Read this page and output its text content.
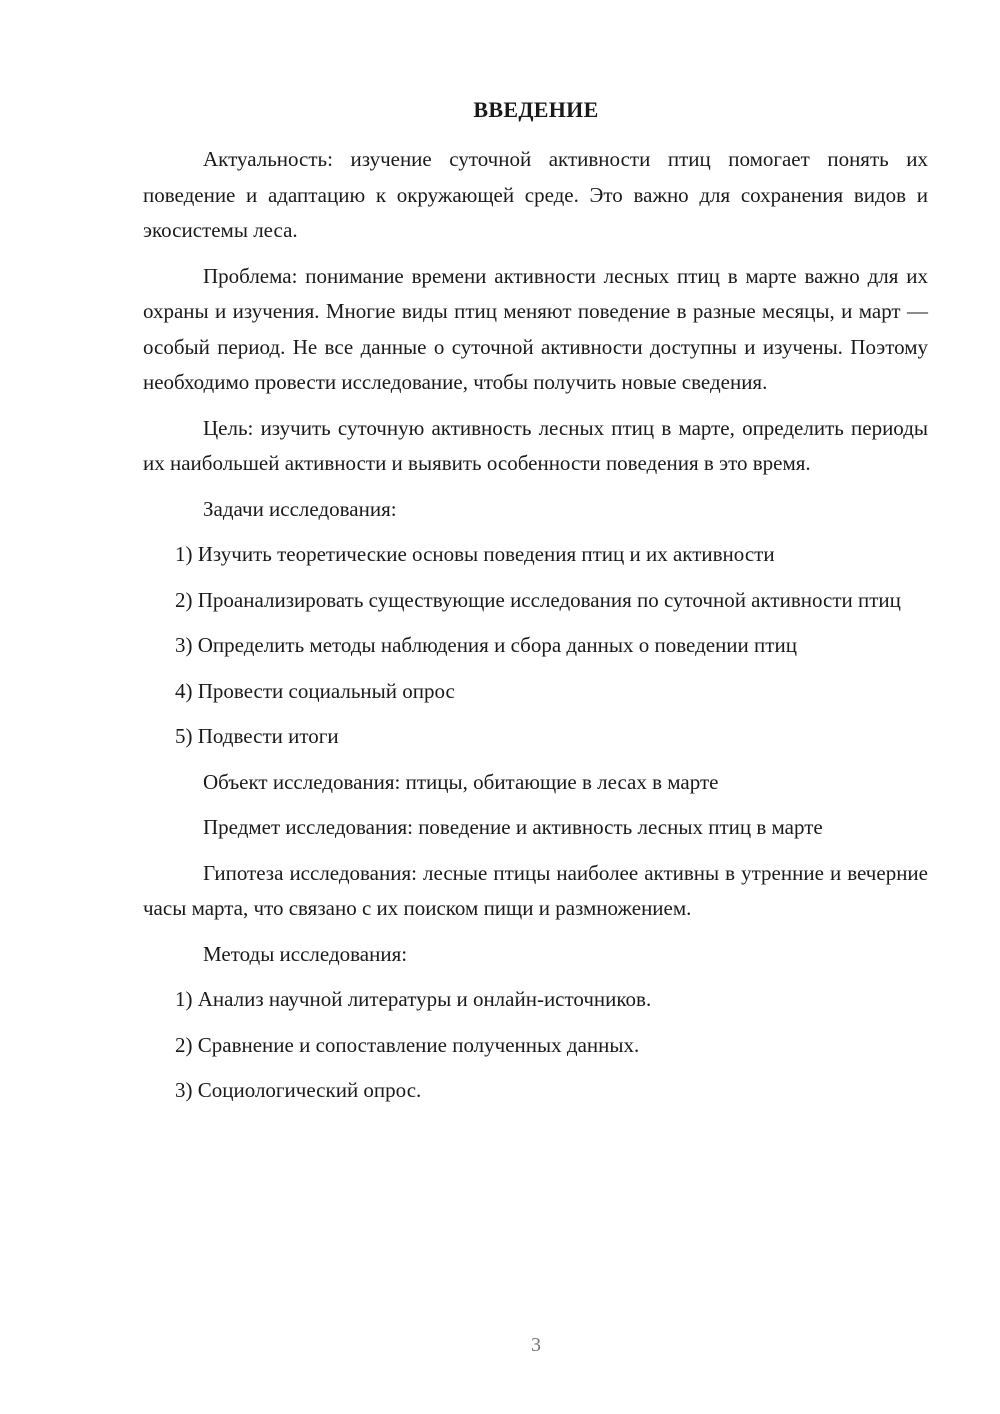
ВВЕДЕНИЕ

Актуальность: изучение суточной активности птиц помогает понять их поведение и адаптацию к окружающей среде. Это важно для сохранения видов и экосистемы леса.

Проблема: понимание времени активности лесных птиц в марте важно для их охраны и изучения. Многие виды птиц меняют поведение в разные месяцы, и март — особый период. Не все данные о суточной активности доступны и изучены. Поэтому необходимо провести исследование, чтобы получить новые сведения.

Цель: изучить суточную активность лесных птиц в марте, определить периоды их наибольшей активности и выявить особенности поведения в это время.

Задачи исследования:

1) Изучить теоретические основы поведения птиц и их активности

2) Проанализировать существующие исследования по суточной активности птиц

3) Определить методы наблюдения и сбора данных о поведении птиц

4) Провести социальный опрос

5) Подвести итоги

Объект исследования: птицы, обитающие в лесах в марте

Предмет исследования: поведение и активность лесных птиц в марте

Гипотеза исследования: лесные птицы наиболее активны в утренние и вечерние часы марта, что связано с их поиском пищи и размножением.

Методы исследования:

1) Анализ научной литературы и онлайн-источников.

2) Сравнение и сопоставление полученных данных.

3) Социологический опрос.

3
